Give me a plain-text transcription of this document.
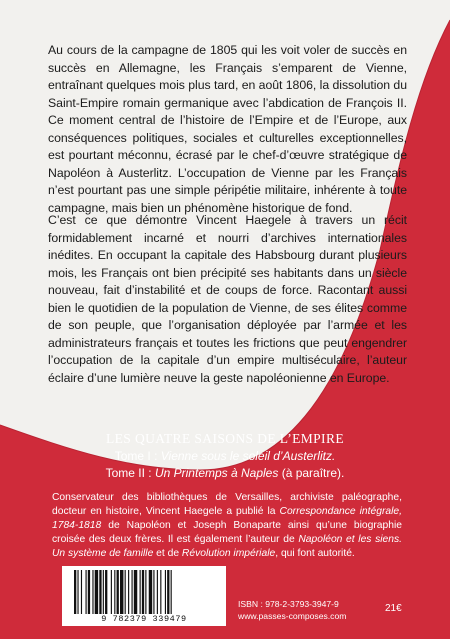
Au cours de la campagne de 1805 qui les voit voler de succès en succès en Allemagne, les Français s’emparent de Vienne, entraînant quelques mois plus tard, en août 1806, la dissolution du Saint-Empire romain germanique avec l’abdication de François II. Ce moment central de l’histoire de l’Empire et de l’Europe, aux conséquences politiques, sociales et culturelles exceptionnelles, est pourtant méconnu, écrasé par le chef-d’œuvre stratégique de Napoléon à Austerlitz. L’occupation de Vienne par les Français n’est pourtant pas une simple péripétie militaire, inhérente à toute campagne, mais bien un phénomène historique de fond.

C’est ce que démontre Vincent Haegele à travers un récit formidablement incarné et nourri d’archives internationales inédites. En occupant la capitale des Habsbourg durant plusieurs mois, les Français ont bien précipité ses habitants dans un siècle nouveau, fait d’instabilité et de coups de force. Racontant aussi bien le quotidien de la population de Vienne, de ses élites comme de son peuple, que l’organisation déployée par l’armée et les administrateurs français et toutes les frictions que peut engendrer l’occupation de la capitale d’un empire multiséculaire, l’auteur éclaire d’une lumière neuve la geste napoléonienne en Europe.

LES QUATRE SAISONS DE L’EMPIRE
Tome I : Vienne sous le soleil d’Austerlitz.
Tome II : Un Printemps à Naples (à paraître).

Conservateur des bibliothèques de Versailles, archiviste paléographe, docteur en histoire, Vincent Haegele a publié la Correspondance intégrale, 1784-1818 de Napoléon et Joseph Bonaparte ainsi qu’une biographie croisée des deux frères. Il est également l’auteur de Napoléon et les siens. Un système de famille et de Révolution impériale, qui font autorité.

9 782379 339479
ISBN : 978-2-3793-3947-9
www.passes-composes.com
21€
